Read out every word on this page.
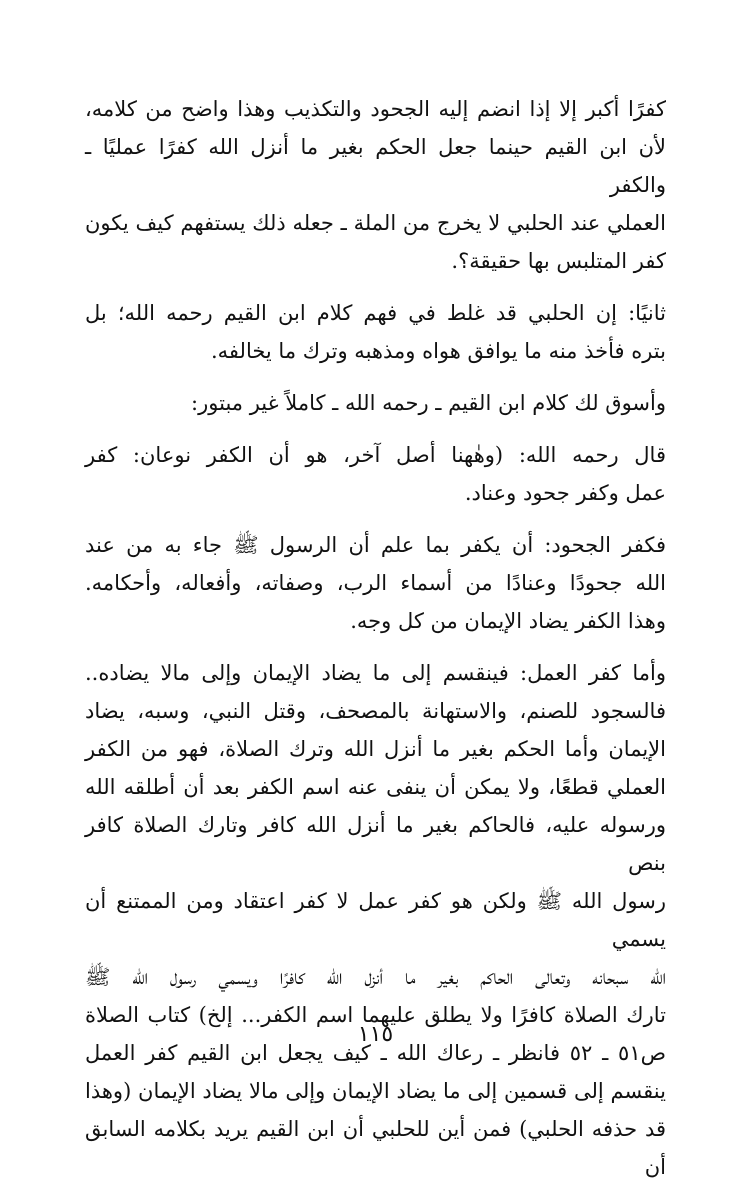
كفرًا أكبر إلا إذا انضم إليه الجحود والتكذيب وهذا واضح من كلامه،
لأن ابن القيم حينما جعل الحكم بغير ما أنزل الله كفرًا عمليًا ـ والكفر
العملي عند الحلبي لا يخرج من الملة ـ جعله ذلك يستفهم كيف يكون
كفر المتلبس بها حقيقة؟.

ثانيًا: إن الحلبي قد غلط في فهم كلام ابن القيم رحمه الله؛ بل
بتره فأخذ منه ما يوافق هواه ومذهبه وترك ما يخالفه.

وأسوق لك كلام ابن القيم ـ رحمه الله ـ كاملاً غير مبتور:

قال رحمه الله: (وهٰهنا أصل آخر، هو أن الكفر نوعان: كفر
عمل وكفر جحود وعناد.

فكفر الجحود: أن يكفر بما علم أن الرسول ﷺ جاء به من عند
الله جحودًا وعنادًا من أسماء الرب، وصفاته، وأفعاله، وأحكامه.
وهذا الكفر يضاد الإيمان من كل وجه.

وأما كفر العمل: فينقسم إلى ما يضاد الإيمان وإلى مالا يضاده..
فالسجود للصنم، والاستهانة بالمصحف، وقتل النبي، وسبه، يضاد
الإيمان وأما الحكم بغير ما أنزل الله وترك الصلاة، فهو من الكفر
العملي قطعًا، ولا يمكن أن ينفى عنه اسم الكفر بعد أن أطلقه الله
ورسوله عليه، فالحاكم بغير ما أنزل الله كافر وتارك الصلاة كافر بنص
رسول الله ﷺ ولكن هو كفر عمل لا كفر اعتقاد ومن الممتنع أن يسمي
الله سبحانه وتعالى الحاكم بغير ما أنزل الله كافرًا ويسمي رسول الله ﷺ
تارك الصلاة كافرًا ولا يطلق عليهما اسم الكفر... إلخ) كتاب الصلاة
ص٥١ ـ ٥٢ فانظر ـ رعاك الله ـ كيف يجعل ابن القيم كفر العمل
ينقسم إلى قسمين إلى ما يضاد الإيمان وإلى مالا يضاد الإيمان (وهذا
قد حذفه الحلبي) فمن أين للحلبي أن ابن القيم يريد بكلامه السابق أن

١١٥
